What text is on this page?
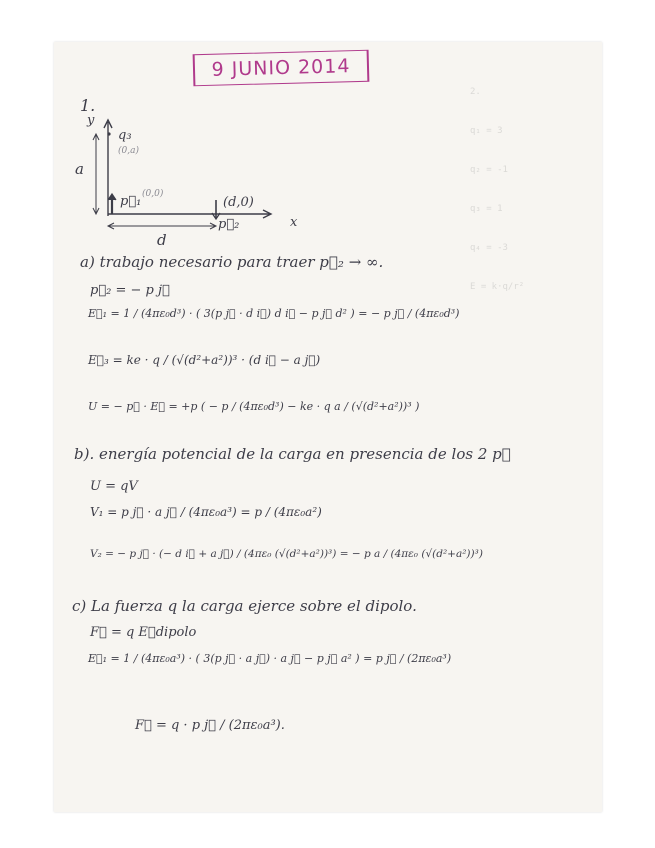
2.

q₁ = 3

q₂ = -1

q₃ = 1

q₄ = -3

E = k·q/r²

9 JUNIO 2014
1.
y
x
a
d
q₃
(0,a)
p⃗₁ (0,0)
p⃗₂
(d,0)
a) trabajo necesario para traer p⃗₂ → ∞.
p⃗₂ = − p j⃗
E⃗₁ = 1 / (4πε₀d³) · ( 3(p j⃗ · d i⃗) d i⃗ − p j⃗ d² ) = − p j⃗ / (4πε₀d³)
E⃗₃ = ke · q / (√(d²+a²))³ · (d i⃗ − a j⃗)
U = − p⃗ · E⃗ = +p ( − p / (4πε₀d³) − ke · q a / (√(d²+a²))³ )
b). energía potencial de la carga en presencia de los 2 p⃗
U = qV
V₁ = p j⃗ · a j⃗ / (4πε₀a³) = p / (4πε₀a²)
V₂ = − p j⃗ · (− d i⃗ + a j⃗) / (4πε₀ (√(d²+a²))³) = − p a / (4πε₀ (√(d²+a²))³)
c) La fuerza q la carga ejerce sobre el dipolo.
F⃗ = q E⃗dipolo
E⃗₁ = 1 / (4πε₀a³) · ( 3(p j⃗ · a j⃗) · a j⃗ − p j⃗ a² ) = p j⃗ / (2πε₀a³)
F⃗ = q · p j⃗ / (2πε₀a³).
